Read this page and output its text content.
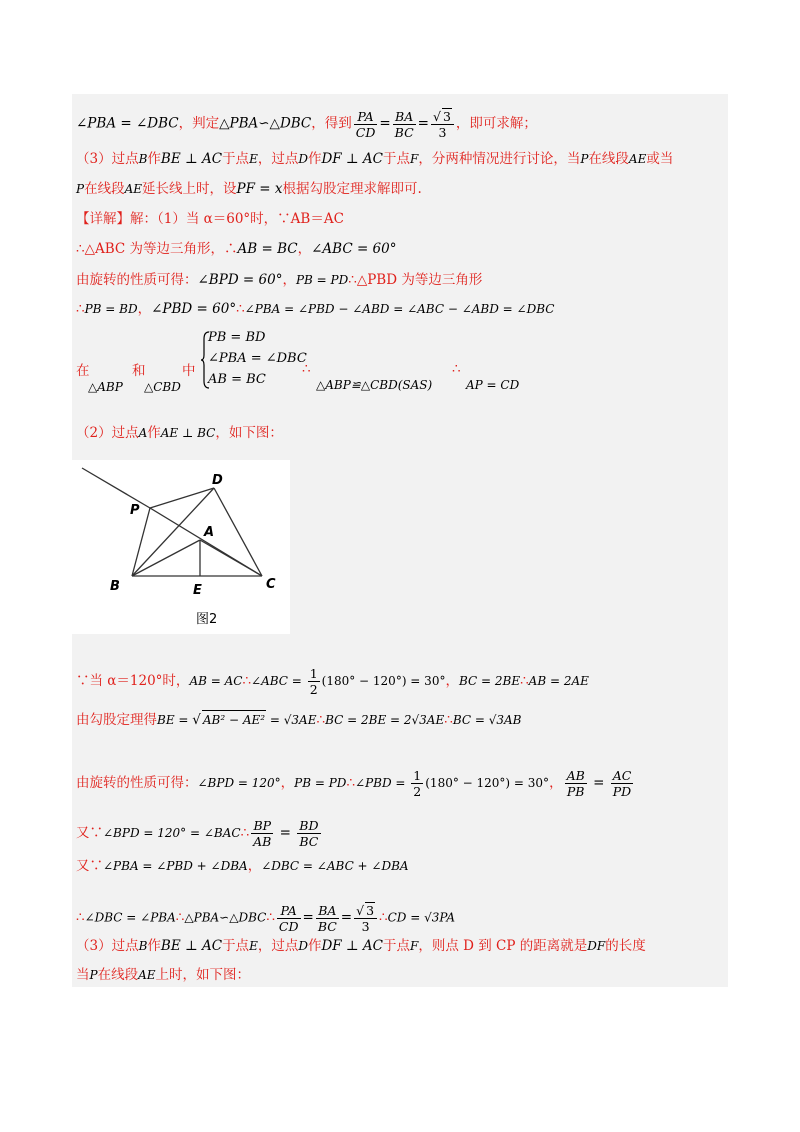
∠PBA = ∠DBC，判定△PBA∽△DBC，得到 $\frac{PA}{CD} = \frac{BA}{BC} = \frac{√ 3}{3}$ ，即可求解；
（3）过点B作BE ⊥ AC于点E，过点D作DF ⊥ AC于点F，分两种情况进行讨论，当P在线段AE或当
P在线段AE延长线上时，设PF = x根据勾股定理求解即可.
【详解】解：（1）当 α＝60°时，∵AB＝AC
∴△ABC 为等边三角形，∴AB = BC，∠ABC = 60°
由旋转的性质可得：∠BPD = 60°，PB = PD∴△PBD 为等边三角形
∴PB = BD，∠PBD = 60°∴∠PBA = ∠PBD − ∠ABD = ∠ABC − ∠ABD = ∠DBC
PB = BD
∠PBA = ∠DBC
AB = BC
在
△ABP
和
△CBD
中	∴
△ABP≌△CBD(SAS)
∴
AP = CD
（2）过点A作AE ⊥ BC，如下图：
D
P
A
B	E	C
图2
∵当 α＝120°时，AB = AC∴∠ABC = $\frac{1}{2} (180^\circ - 120^\circ) = 30^\circ$，BC = 2BE∴AB = 2AE
由勾股定理得BE = √ AB² − AE² = √3AE∴BC = 2BE = 2√3AE∴BC = √3AB
由旋转的性质可得：∠BPD = 120°，PB = PD∴∠PBD = $\frac{1}{2} (180^\circ - 120^\circ) = 30^\circ$， $\frac{AB}{PB} = \frac{AC}{PD}$
又∵∠BPD = 120° = ∠BAC∴ $\frac{BP}{AB} = \frac{BD}{BC}$
又∵∠PBA = ∠PBD + ∠DBA，∠DBC = ∠ABC + ∠DBA
∴∠DBC = ∠PBA∴△PBA∽△DBC∴ $\frac{PA}{CD} = \frac{BA}{BC} = \frac{√ 3}{3}$ ∴CD = √3PA
（3）过点B作BE ⊥ AC于点E，过点D作DF ⊥ AC于点F，则点 D 到 CP 的距离就是DF的长度
当P在线段AE上时，如下图：
